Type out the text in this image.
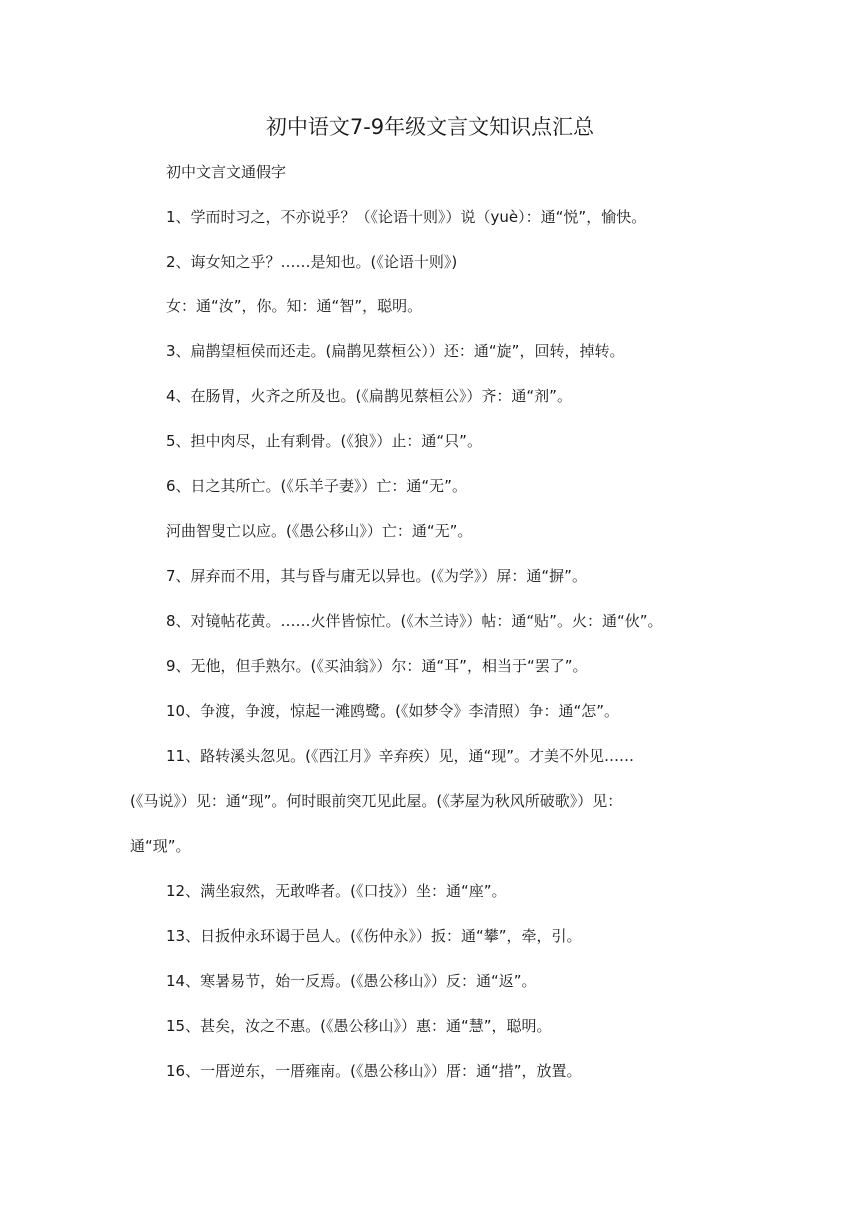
初中语文7-9年级文言文知识点汇总
初中文言文通假字
1、学而时习之，不亦说乎？（《论语十则》）说（yuè）：通“悦”，愉快。
2、诲女知之乎？……是知也。(《论语十则》)
女：通“汝”，你。知：通“智”，聪明。
3、扁鹊望桓侯而还走。(扁鹊见蔡桓公））还：通“旋”，回转，掉转。
4、在肠胃，火齐之所及也。(《扁鹊见蔡桓公》）齐：通“剂”。
5、担中肉尽，止有剩骨。(《狼》）止：通“只”。
6、日之其所亡。(《乐羊子妻》）亡：通“无”。
河曲智叟亡以应。(《愚公移山》）亡：通“无”。
7、屏弃而不用，其与昏与庸无以异也。(《为学》）屏：通“摒”。
8、对镜帖花黄。……火伴皆惊忙。(《木兰诗》）帖：通“贴”。火：通“伙”。
9、无他，但手熟尔。(《买油翁》）尔：通“耳”，相当于“罢了”。
10、争渡，争渡，惊起一滩鸥鹭。(《如梦令》李清照）争：通“怎”。
11、路转溪头忽见。(《西江月》辛弃疾）见，通“现”。才美不外见……
(《马说》）见：通“现”。何时眼前突兀见此屋。(《茅屋为秋风所破歌》）见：
通“现”。
12、满坐寂然，无敢哗者。(《口技》）坐：通“座”。
13、日扳仲永环谒于邑人。(《伤仲永》）扳：通“攀”，牵，引。
14、寒暑易节，始一反焉。(《愚公移山》）反：通“返”。
15、甚矣，汝之不惠。(《愚公移山》）惠：通“慧”，聪明。
16、一厝逆东，一厝雍南。(《愚公移山》）厝：通“措”，放置。
